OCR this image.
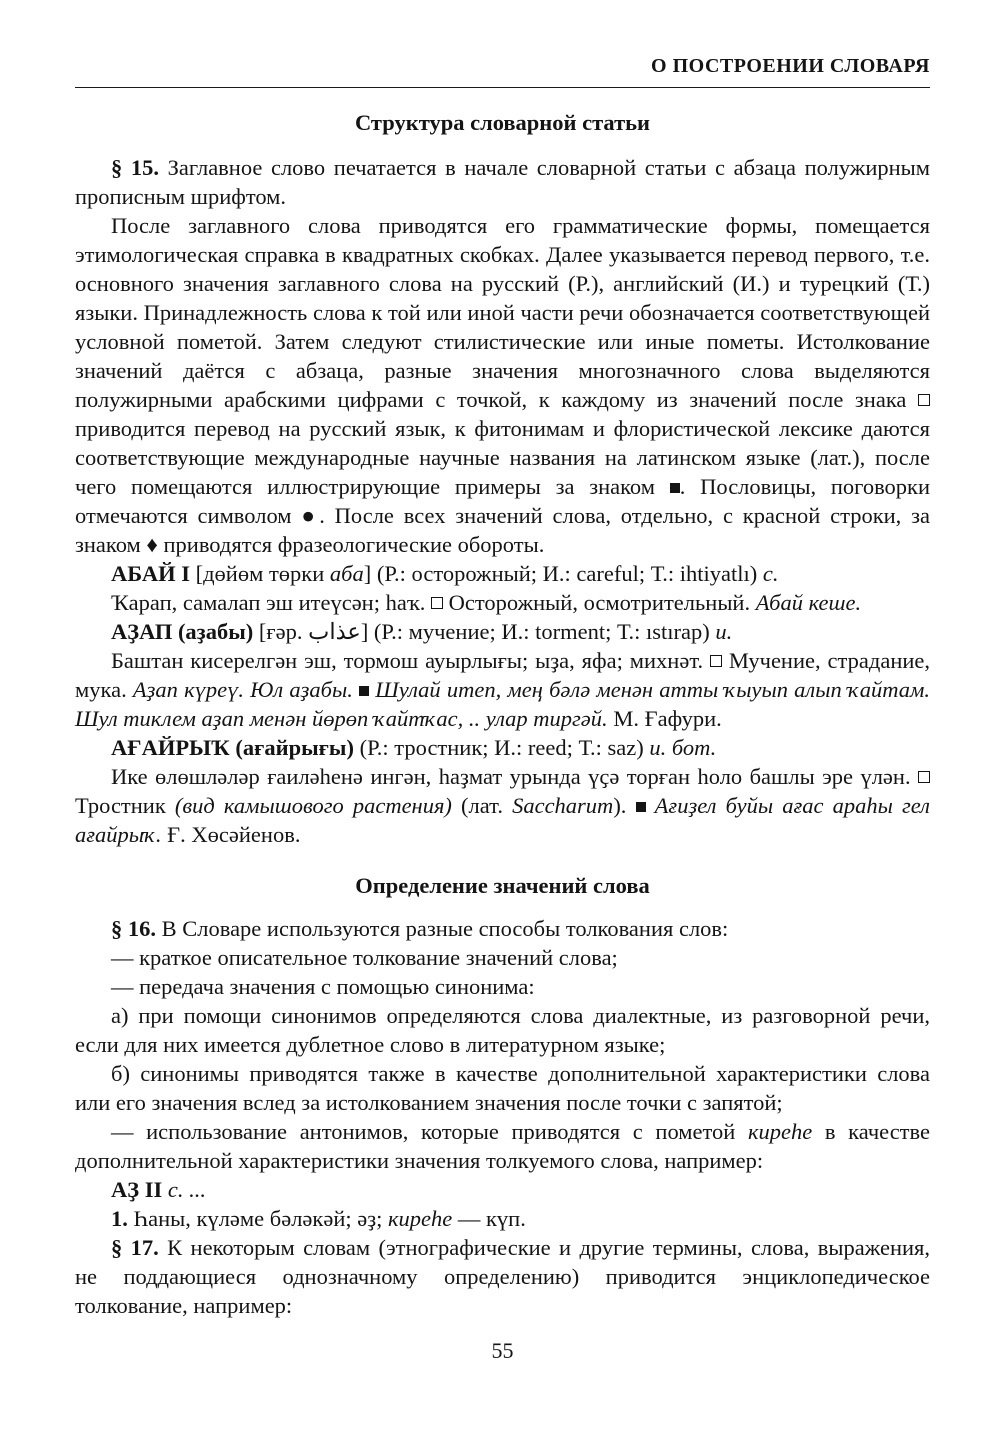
О ПОСТРОЕНИИ СЛОВАРЯ
Структура словарной статьи

§ 15. Заглавное слово печатается в начале словарной статьи с абзаца полужирным прописным шрифтом.

После заглавного слова приводятся его грамматические формы, помещается этимологическая справка в квадратных скобках. Далее указывается перевод первого, т.е. основного значения заглавного слова на русский (Р.), английский (И.) и турецкий (Т.) языки. Принадлежность слова к той или иной части речи обозначается соответствующей условной пометой. Затем следуют стилистические или иные пометы. Истолкование значений даётся с абзаца, разные значения многозначного слова выделяются полужирными арабскими цифрами с точкой, к каждому из значений после знака  приводится перевод на русский язык, к фитонимам и флористической лексике даются соответствующие международные научные названия на латинском языке (лат.), после чего помещаются иллюстрирующие примеры за знаком . Пословицы, поговорки отмечаются символом ●. После всех значений слова, отдельно, с красной строки, за знаком ♦ приводятся фразеологические обороты.

АБАЙ I [дөйөм төрки аба] (Р.: осторожный; И.: careful; Т.: ihtiyatlı) с.

Ҡарап, самалап эш итеүсән; һаҡ.  Осторожный, осмотрительный. Абай кеше.

АҘАП (аҙабы) [ғәр. عذاب] (Р.: мучение; И.: torment; Т.: ıstırap) и.

Баштан кисерелгән эш, тормош ауырлығы; ыҙа, яфа; михнәт.  Мучение, страдание, мука. Аҙап күреү. Юл аҙабы.  Шулай итеп, мең бәлә менән атты ҡыуып алып ҡайтам. Шул тиклем аҙап менән йөрөп ҡайтҡас, .. улар тиргәй. М. Ғафури.

АҒАЙРЫҠ (ағайрығы) (Р.: тростник; И.: reed; Т.: saz) и. бот.

Ике өлөшләләр ғаиләһенә ингән, һаҙмат урында үҫә торған һоло башлы эре үлән.  Тростник (вид камышового растения) (лат. Saccharum).  Ағиҙел буйы ағас араһы гел ағайрыҡ. Ғ. Хөсәйенов.

Определение значений слова

§ 16. В Словаре используются разные способы толкования слов:

— краткое описательное толкование значений слова;

— передача значения с помощью синонима:

а) при помощи синонимов определяются слова диалектные, из разговорной речи, если для них имеется дублетное слово в литературном языке;

б) синонимы приводятся также в качестве дополнительной характеристики слова или его значения вслед за истолкованием значения после точки с запятой;

— использование антонимов, которые приводятся с пометой киреһе в качестве дополнительной характеристики значения толкуемого слова, например:

АҘ II с. ...

1. Һаны, күләме бәләкәй; әҙ; киреһе — күп.

§ 17. К некоторым словам (этнографические и другие термины, слова, выражения, не поддающиеся однозначному определению) приводится энциклопедическое толкование, например:

55
